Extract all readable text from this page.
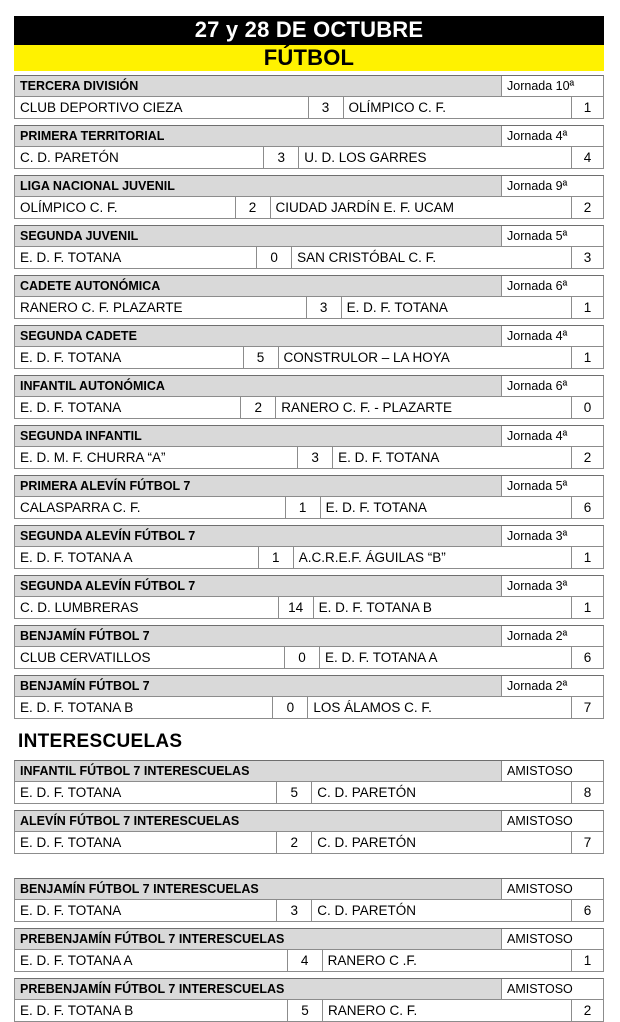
27 y 28 DE OCTUBRE
FÚTBOL
TERCERA DIVISIÓN	Jornada 10ª
CLUB DEPORTIVO CIEZA	3	OLÍMPICO C. F.	1
PRIMERA TERRITORIAL	Jornada 4ª
C. D. PARETÓN	3	U. D. LOS GARRES	4
LIGA NACIONAL JUVENIL	Jornada 9ª
OLÍMPICO C. F.	2	CIUDAD JARDÍN E. F. UCAM	2
SEGUNDA JUVENIL	Jornada 5ª
E. D. F. TOTANA	0	SAN CRISTÓBAL C. F.	3
CADETE AUTONÓMICA	Jornada 6ª
RANERO C. F. PLAZARTE	3	E. D. F. TOTANA	1
SEGUNDA CADETE	Jornada 4ª
E. D. F. TOTANA	5	CONSTRULOR – LA HOYA	1
INFANTIL AUTONÓMICA	Jornada 6ª
E. D. F. TOTANA	2	RANERO C. F. - PLAZARTE	0
SEGUNDA INFANTIL	Jornada 4ª
E. D. M. F. CHURRA “A”	3	E. D. F. TOTANA	2
PRIMERA ALEVÍN FÚTBOL 7	Jornada 5ª
CALASPARRA C. F.	1	E. D. F. TOTANA	6
SEGUNDA ALEVÍN FÚTBOL 7	Jornada 3ª
E. D. F. TOTANA A	1	A.C.R.E.F. ÁGUILAS “B”	1
SEGUNDA ALEVÍN FÚTBOL 7	Jornada 3ª
C. D. LUMBRERAS	14	E. D. F. TOTANA B	1
BENJAMÍN FÚTBOL 7	Jornada 2ª
CLUB CERVATILLOS	0	E. D. F. TOTANA A	6
BENJAMÍN FÚTBOL 7	Jornada 2ª
E. D. F. TOTANA B	0	LOS ÁLAMOS C. F.	7
INTERESCUELAS
INFANTIL FÚTBOL 7 INTERESCUELAS	AMISTOSO
E. D. F. TOTANA	5	C. D. PARETÓN	8
ALEVÍN FÚTBOL 7 INTERESCUELAS	AMISTOSO
E. D. F. TOTANA	2	C. D. PARETÓN	7
BENJAMÍN FÚTBOL 7 INTERESCUELAS	AMISTOSO
E. D. F. TOTANA	3	C. D. PARETÓN	6
PREBENJAMÍN FÚTBOL 7 INTERESCUELAS	AMISTOSO
E. D. F. TOTANA A	4	RANERO C .F.	1
PREBENJAMÍN FÚTBOL 7 INTERESCUELAS	AMISTOSO
E. D. F. TOTANA B	5	RANERO C. F.	2
